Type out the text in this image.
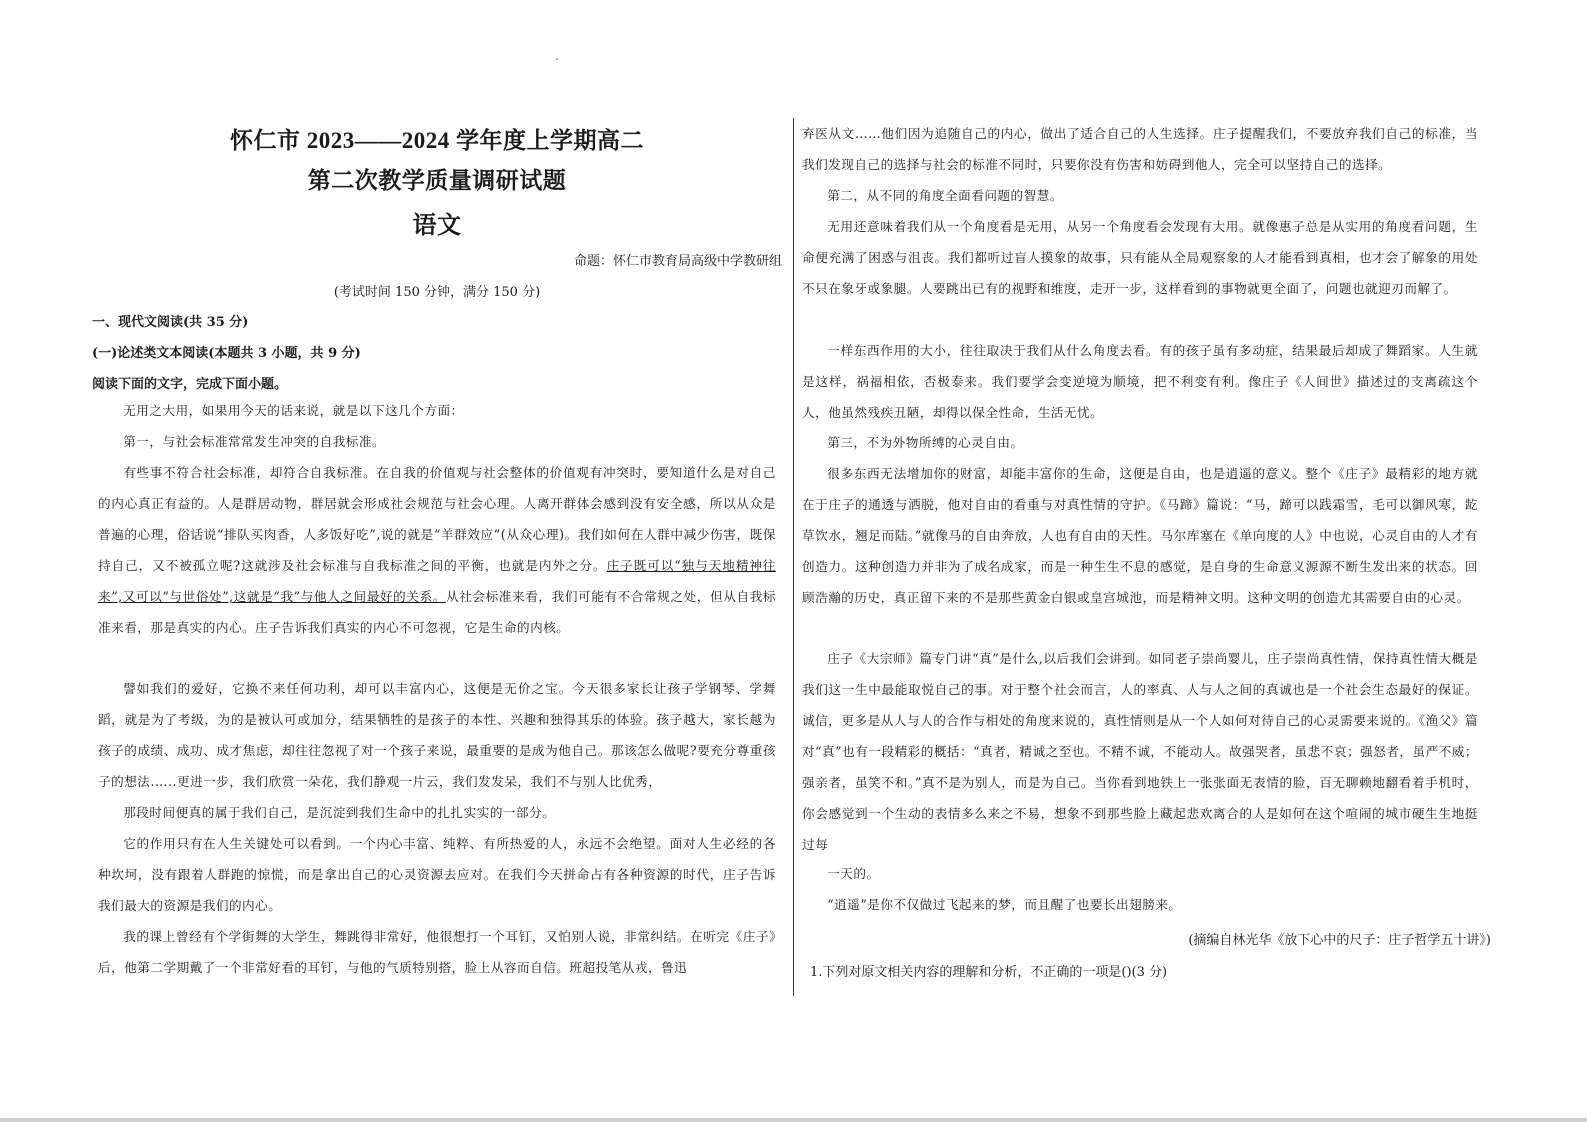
怀仁市 2023——2024 学年度上学期高二
第二次教学质量调研试题
语文
命题：怀仁市教育局高级中学教研组
(考试时间 150 分钟，满分 150 分)
一、现代文阅读(共 35 分)
(一)论述类文本阅读(本题共 3 小题，共 9 分)
阅读下面的文字，完成下面小题。
无用之大用，如果用今天的话来说，就是以下这几个方面：
第一，与社会标准常常发生冲突的自我标准。
有些事不符合社会标准，却符合自我标准。在自我的价值观与社会整体的价值观有冲突时，要知道什么是对自己的内心真正有益的。人是群居动物，群居就会形成社会规范与社会心理。人离开群体会感到没有安全感，所以从众是普遍的心理，俗话说“排队买肉香，人多饭好吃”,说的就是“羊群效应”(从众心理)。我们如何在人群中减少伤害，既保持自己，又不被孤立呢?这就涉及社会标准与自我标准之间的平衡，也就是内外之分。庄子既可以“独与天地精神往来”,又可以“与世俗处”,这就是“我”与他人之间最好的关系。从社会标准来看，我们可能有不合常规之处，但从自我标准来看，那是真实的内心。庄子告诉我们真实的内心不可忽视，它是生命的内核。
譬如我们的爱好，它换不来任何功利，却可以丰富内心，这便是无价之宝。今天很多家长让孩子学钢琴、学舞蹈，就是为了考级，为的是被认可或加分，结果牺牲的是孩子的本性、兴趣和独得其乐的体验。孩子越大，家长越为孩子的成绩、成功、成才焦虑，却往往忽视了对一个孩子来说，最重要的是成为他自己。那该怎么做呢?要充分尊重孩子的想法.…..更进一步，我们欣赏一朵花，我们静观一片云，我们发发呆，我们不与别人比优秀，
那段时间便真的属于我们自己，是沉淀到我们生命中的扎扎实实的一部分。
它的作用只有在人生关键处可以看到。一个内心丰富、纯粹、有所热爱的人，永远不会绝望。面对人生必经的各种坎坷，没有跟着人群跑的惊慌，而是拿出自己的心灵资源去应对。在我们今天拼命占有各种资源的时代，庄子告诉我们最大的资源是我们的内心。
我的课上曾经有个学街舞的大学生，舞跳得非常好，他很想打一个耳钉，又怕别人说，非常纠结。在听完《庄子》后，他第二学期戴了一个非常好看的耳钉，与他的气质特别搭，脸上从容而自信。班超投笔从戎，鲁迅
弃医从文……他们因为追随自己的内心，做出了适合自己的人生选择。庄子提醒我们，不要放弃我们自己的标准，当我们发现自己的选择与社会的标准不同时，只要你没有伤害和妨碍到他人，完全可以坚持自己的选择。
第二，从不同的角度全面看问题的智慧。
无用还意味着我们从一个角度看是无用，从另一个角度看会发现有大用。就像惠子总是从实用的角度看问题，生命便充满了困惑与沮丧。我们都听过盲人摸象的故事，只有能从全局观察象的人才能看到真相，也才会了解象的用处不只在象牙或象腿。人要跳出已有的视野和维度，走开一步，这样看到的事物就更全面了，问题也就迎刃而解了。
一样东西作用的大小，往往取决于我们从什么角度去看。有的孩子虽有多动症，结果最后却成了舞蹈家。人生就是这样，祸福相依，否极泰来。我们要学会变逆境为顺境，把不利变有利。像庄子《人间世》描述过的支离疏这个人，他虽然残疾丑陋，却得以保全性命，生活无忧。
第三，不为外物所缚的心灵自由。
很多东西无法增加你的财富，却能丰富你的生命，这便是自由，也是逍遥的意义。整个《庄子》最精彩的地方就在于庄子的通透与洒脱，他对自由的看重与对真性情的守护。《马蹄》篇说：“马，蹄可以践霜雪，毛可以御风寒，龁草饮水，翘足而陆。”就像马的自由奔放，人也有自由的天性。马尔库塞在《单向度的人》中也说，心灵自由的人才有创造力。这种创造力并非为了成名成家，而是一种生生不息的感觉，是自身的生命意义源源不断生发出来的状态。回顾浩瀚的历史，真正留下来的不是那些黄金白银或皇宫城池，而是精神文明。这种文明的创造尤其需要自由的心灵。
庄子《大宗师》篇专门讲“真”是什么,以后我们会讲到。如同老子崇尚婴儿，庄子崇尚真性情，保持真性情大概是我们这一生中最能取悦自己的事。对于整个社会而言，人的率真、人与人之间的真诚也是一个社会生态最好的保证。诚信，更多是从人与人的合作与相处的角度来说的，真性情则是从一个人如何对待自己的心灵需要来说的。《渔父》篇对“真”也有一段精彩的概括：“真者，精诚之至也。不精不诚，不能动人。故强哭者，虽悲不哀；强怒者，虽严不威；强亲者，虽笑不和。”真不是为别人，而是为自己。当你看到地铁上一张张面无表情的脸，百无聊赖地翻看着手机时，你会感觉到一个生动的表情多么来之不易，想象不到那些脸上藏起悲欢离合的人是如何在这个喧闹的城市硬生生地挺过每
一天的。
“逍遥”是你不仅做过飞起来的梦，而且醒了也要长出翅膀来。
(摘编自林光华《放下心中的尺子：庄子哲学五十讲》)
1.下列对原文相关内容的理解和分析，不正确的一项是()(3 分)
